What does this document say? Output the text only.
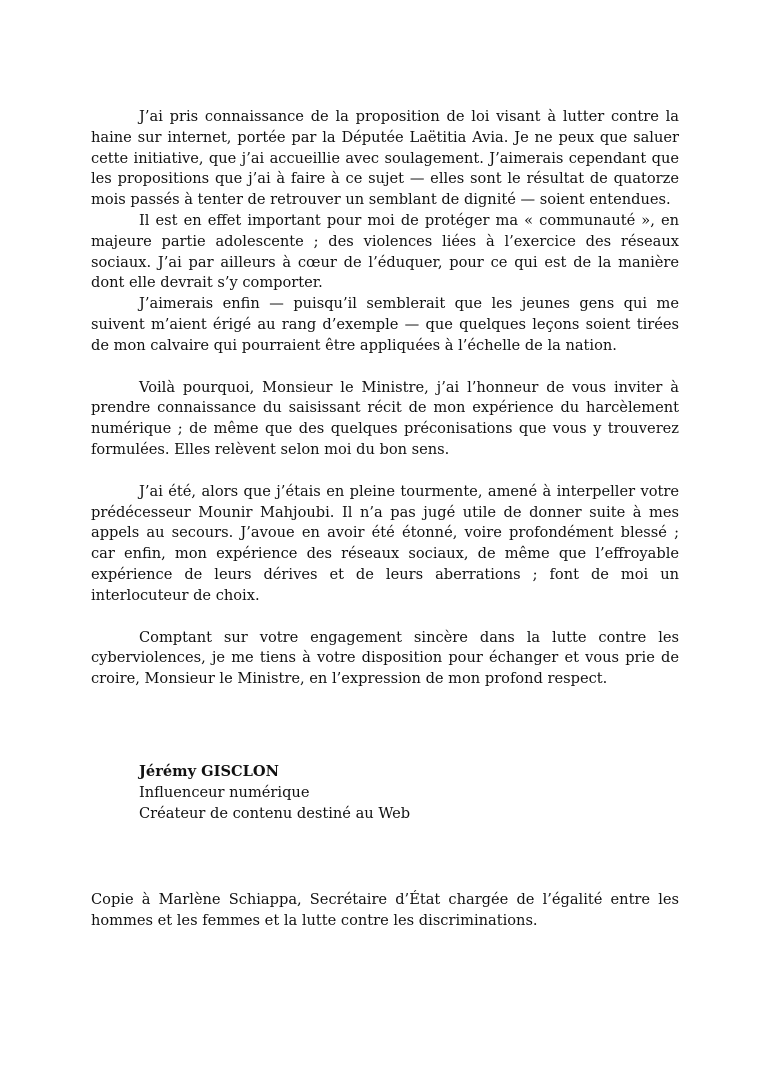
J’ai pris connaissance de la proposition de loi visant à lutter contre la haine sur internet, portée par la Députée Laëtitia Avia. Je ne peux que saluer cette initiative, que j’ai accueillie avec soulagement. J’aimerais cependant que les propositions que j’ai à faire à ce sujet — elles sont le résultat de quatorze mois passés à tenter de retrouver un semblant de dignité — soient entendues.

Il est en effet important pour moi de protéger ma « communauté », en majeure partie adolescente ; des violences liées à l’exercice des réseaux sociaux. J’ai par ailleurs à cœur de l’éduquer, pour ce qui est de la manière dont elle devrait s’y comporter.

J’aimerais enfin — puisqu’il semblerait que les jeunes gens qui me suivent m’aient érigé au rang d’exemple — que quelques leçons soient tirées de mon calvaire qui pourraient être appliquées à l’échelle de la nation.

Voilà pourquoi, Monsieur le Ministre, j’ai l’honneur de vous inviter à prendre connaissance du saisissant récit de mon expérience du harcèlement numérique ; de même que des quelques préconisations que vous y trouverez formulées. Elles relèvent selon moi du bon sens.

J’ai été, alors que j’étais en pleine tourmente, amené à interpeller votre prédécesseur Mounir Mahjoubi. Il n’a pas jugé utile de donner suite à mes appels au secours. J’avoue en avoir été étonné, voire profondément blessé ; car enfin, mon expérience des réseaux sociaux, de même que l’effroyable expérience de leurs dérives et de leurs aberrations ; font de moi un interlocuteur de choix.

Comptant sur votre engagement sincère dans la lutte contre les cyberviolences, je me tiens à votre disposition pour échanger et vous prie de croire, Monsieur le Ministre, en l’expression de mon profond respect.

Jérémy GISCLON
Influenceur numérique
Créateur de contenu destiné au Web
Copie à Marlène Schiappa, Secrétaire d’État chargée de l’égalité entre les hommes et les femmes et la lutte contre les discriminations.
